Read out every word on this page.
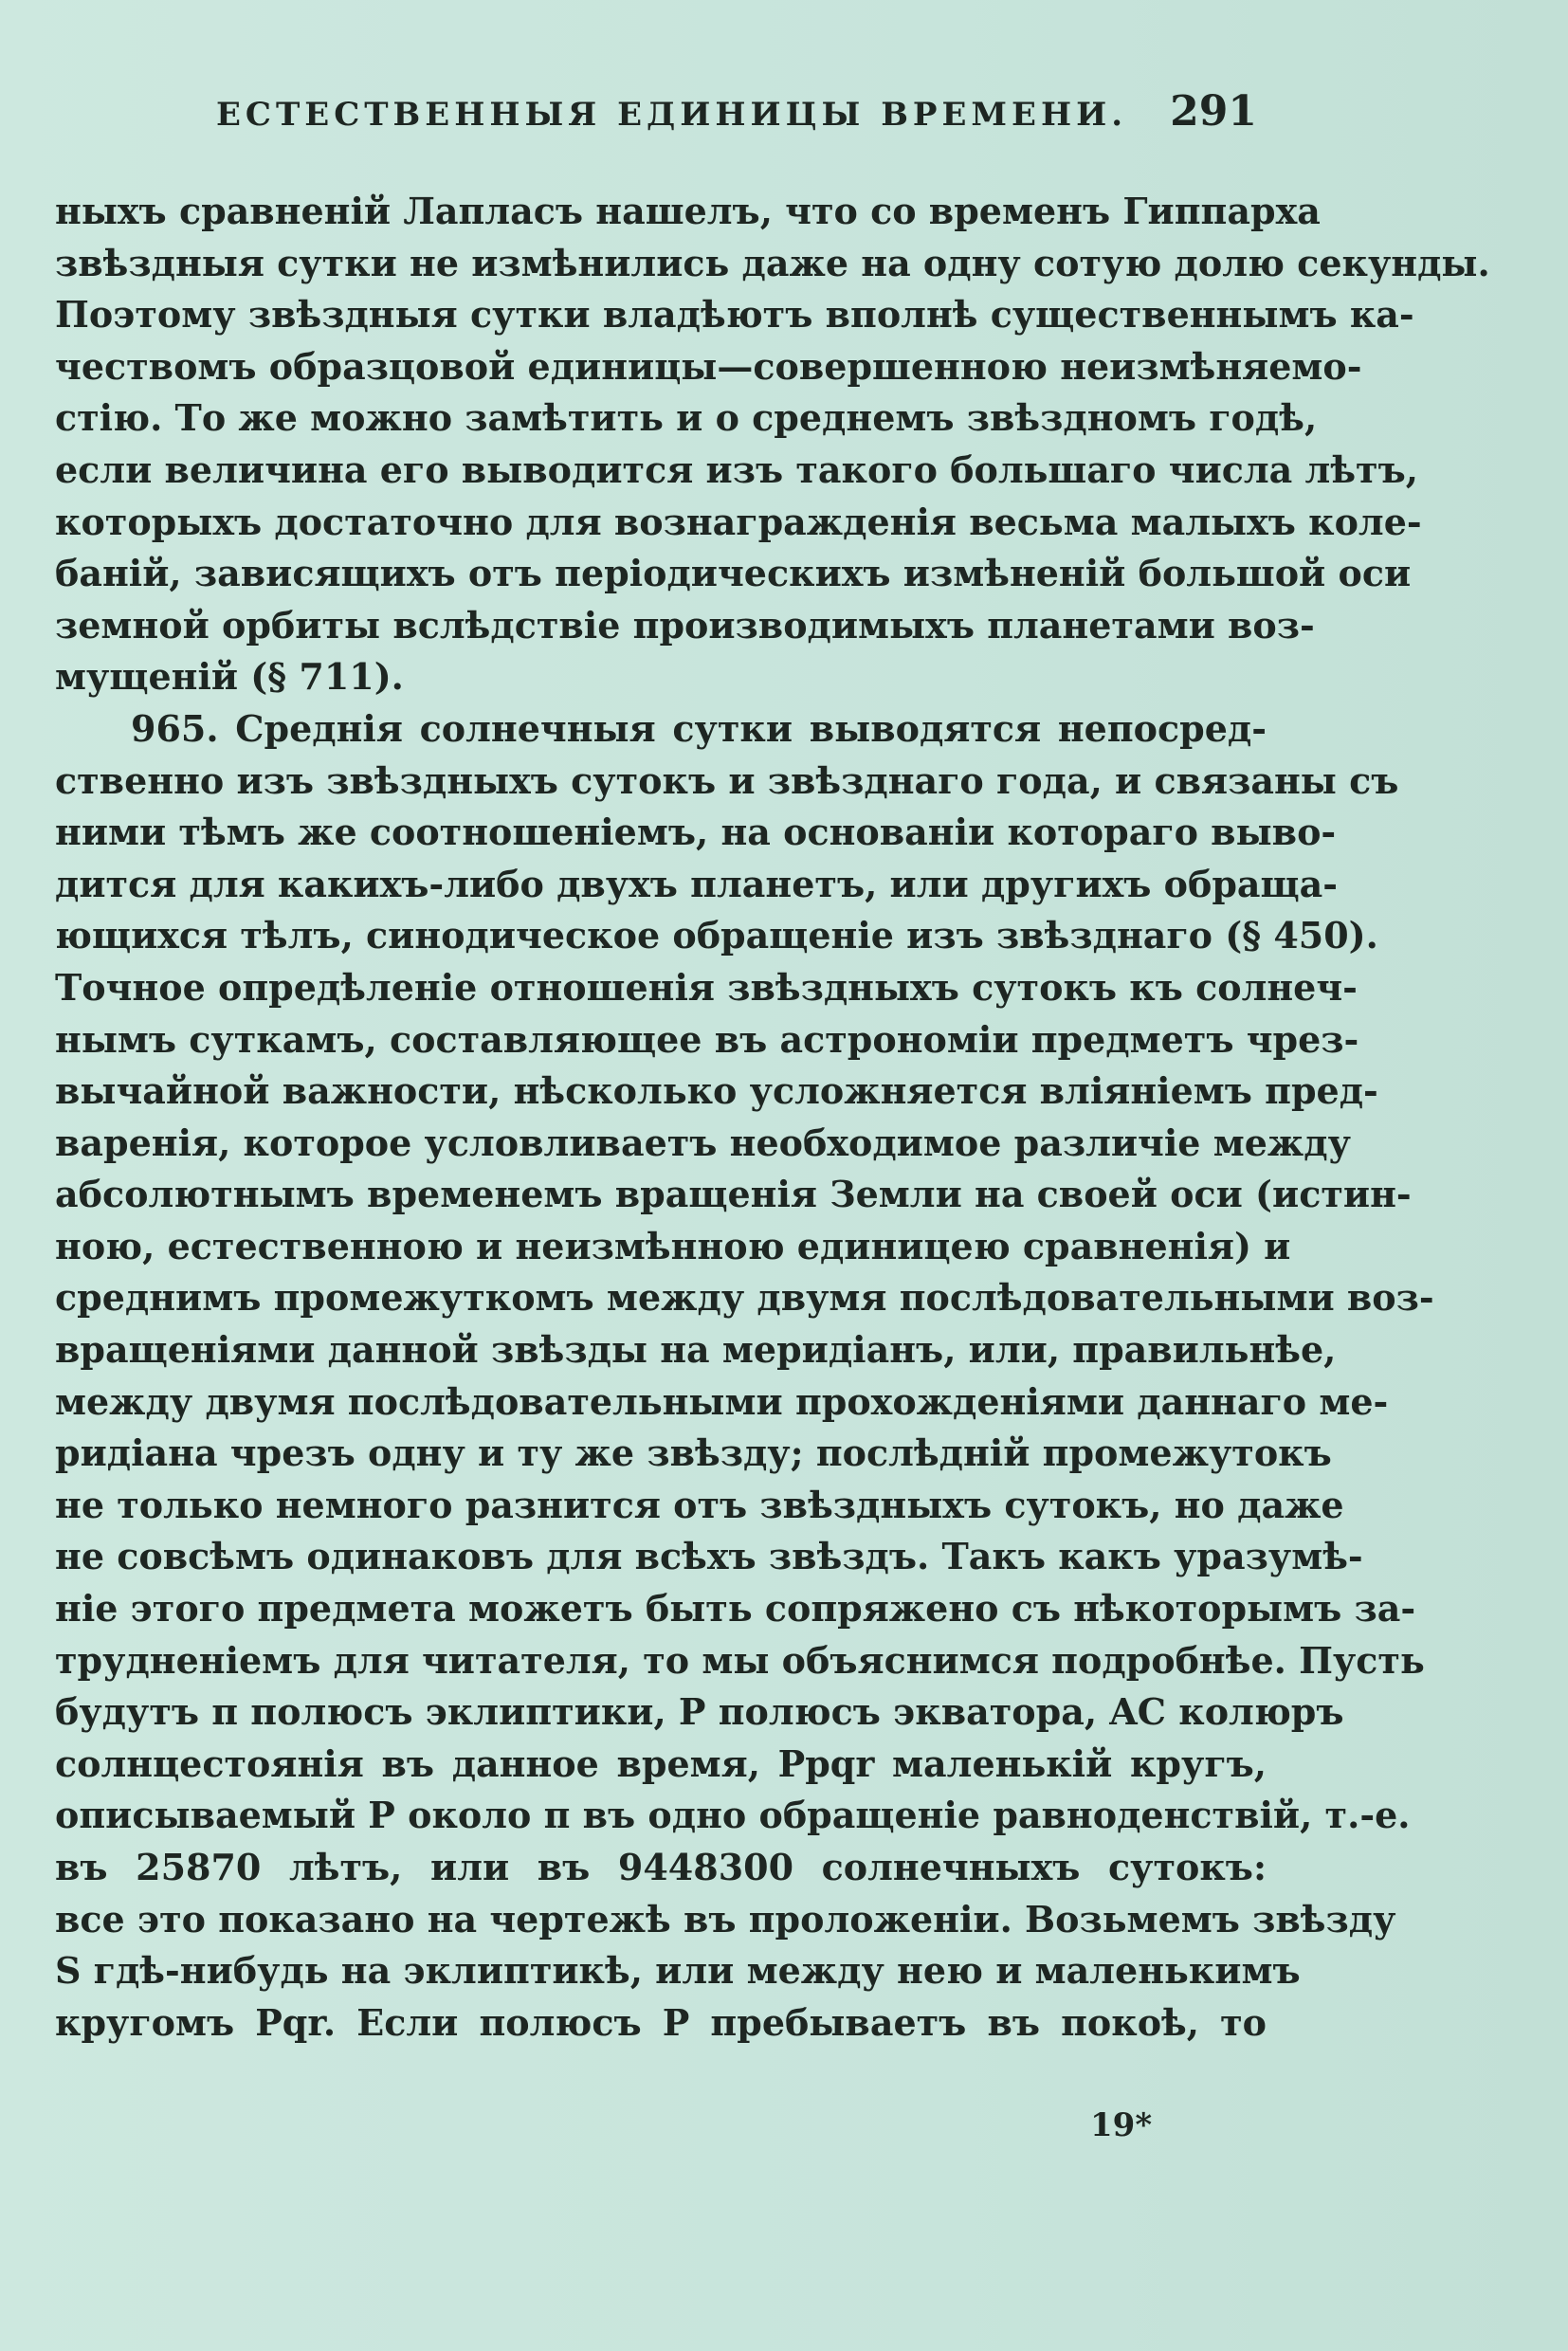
ЕСТЕСТВЕННЫЯ ЕДИНИЦЫ ВРЕМЕНИ. 291
ныхъ сравненій Лапласъ нашелъ, что со временъ Гиппарха
звѣздныя сутки не измѣнились даже на одну сотую долю секунды.
Поэтому звѣздныя сутки владѣютъ вполнѣ существеннымъ ка-
чествомъ образцовой единицы—совершенною неизмѣняемо-
стію. То же можно замѣтить и о среднемъ звѣздномъ годѣ,
если величина его выводится изъ такого большаго числа лѣтъ,
которыхъ достаточно для вознагражденія весьма малыхъ коле-
баній, зависящихъ отъ періодическихъ измѣненій большой оси
земной орбиты вслѣдствіе производимыхъ планетами воз-
мущеній (§ 711).
965. Среднія солнечныя сутки выводятся непосред-
ственно изъ звѣздныхъ сутокъ и звѣзднаго года, и связаны съ
ними тѣмъ же соотношеніемъ, на основаніи котораго выво-
дится для какихъ-либо двухъ планетъ, или другихъ обраща-
ющихся тѣлъ, синодическое обращеніе изъ звѣзднаго (§ 450).
Точное опредѣленіе отношенія звѣздныхъ сутокъ къ солнеч-
нымъ суткамъ, составляющее въ астрономіи предметъ чрез-
вычайной важности, нѣсколько усложняется вліяніемъ пред-
варенія, которое условливаетъ необходимое различіе между
абсолютнымъ временемъ вращенія Земли на своей оси (истин-
ною, естественною и неизмѣнною единицею сравненія) и
среднимъ промежуткомъ между двумя послѣдовательными воз-
вращеніями данной звѣзды на меридіанъ, или, правильнѣе,
между двумя послѣдовательными прохожденіями даннаго ме-
ридіана чрезъ одну и ту же звѣзду; послѣдній промежутокъ
не только немного разнится отъ звѣздныхъ сутокъ, но даже
не совсѣмъ одинаковъ для всѣхъ звѣздъ. Такъ какъ уразумѣ-
ніе этого предмета можетъ быть сопряжено съ нѣкоторымъ за-
трудненіемъ для читателя, то мы объяснимся подробнѣе. Пусть
будутъ π полюсъ эклиптики, P полюсъ экватора, AC колюръ
солнцестоянія въ данное время, Ppqr маленькій кругъ,
описываемый P около π въ одно обращеніе равноденствій, т.-е.
въ 25870 лѣтъ, или въ 9448300 солнечныхъ сутокъ:
все это показано на чертежѣ въ проложеніи. Возьмемъ звѣзду
S гдѣ-нибудь на эклиптикѣ, или между нею и маленькимъ
кругомъ Pqr. Если полюсъ P пребываетъ въ покоѣ, то
19*
